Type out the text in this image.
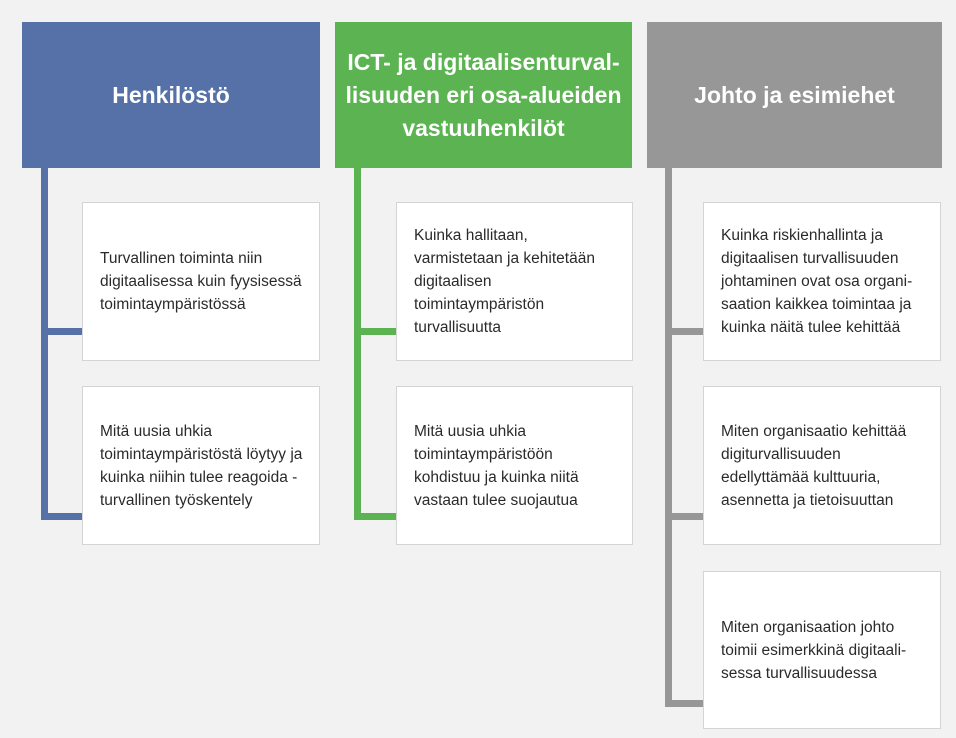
Henkilöstö
Turvallinen toiminta niin digitaalisessa kuin fyysisessä toimintaympäristössä
Mitä uusia uhkia toimintaympäristöstä löytyy ja kuinka niihin tulee reagoida - turvallinen työskentely
ICT- ja digitaalisenturval-lisuuden eri osa-alueiden vastuuhenkilöt
Kuinka hallitaan, varmistetaan ja kehitetään digitaalisen toimintaympäristön turvallisuutta
Mitä uusia uhkia toimintaympäristöön kohdistuu ja kuinka niitä vastaan tulee suojautua
Johto ja esimiehet
Kuinka riskienhallinta ja digitaalisen turvallisuuden johtaminen ovat osa organi-saation kaikkea toimintaa ja kuinka näitä tulee kehittää
Miten organisaatio kehittää digiturvallisuuden edellyttämää kulttuuria, asennetta ja tietoisuuttan
Miten organisaation johto toimii esimerkkinä digitaali-sessa turvallisuudessa
